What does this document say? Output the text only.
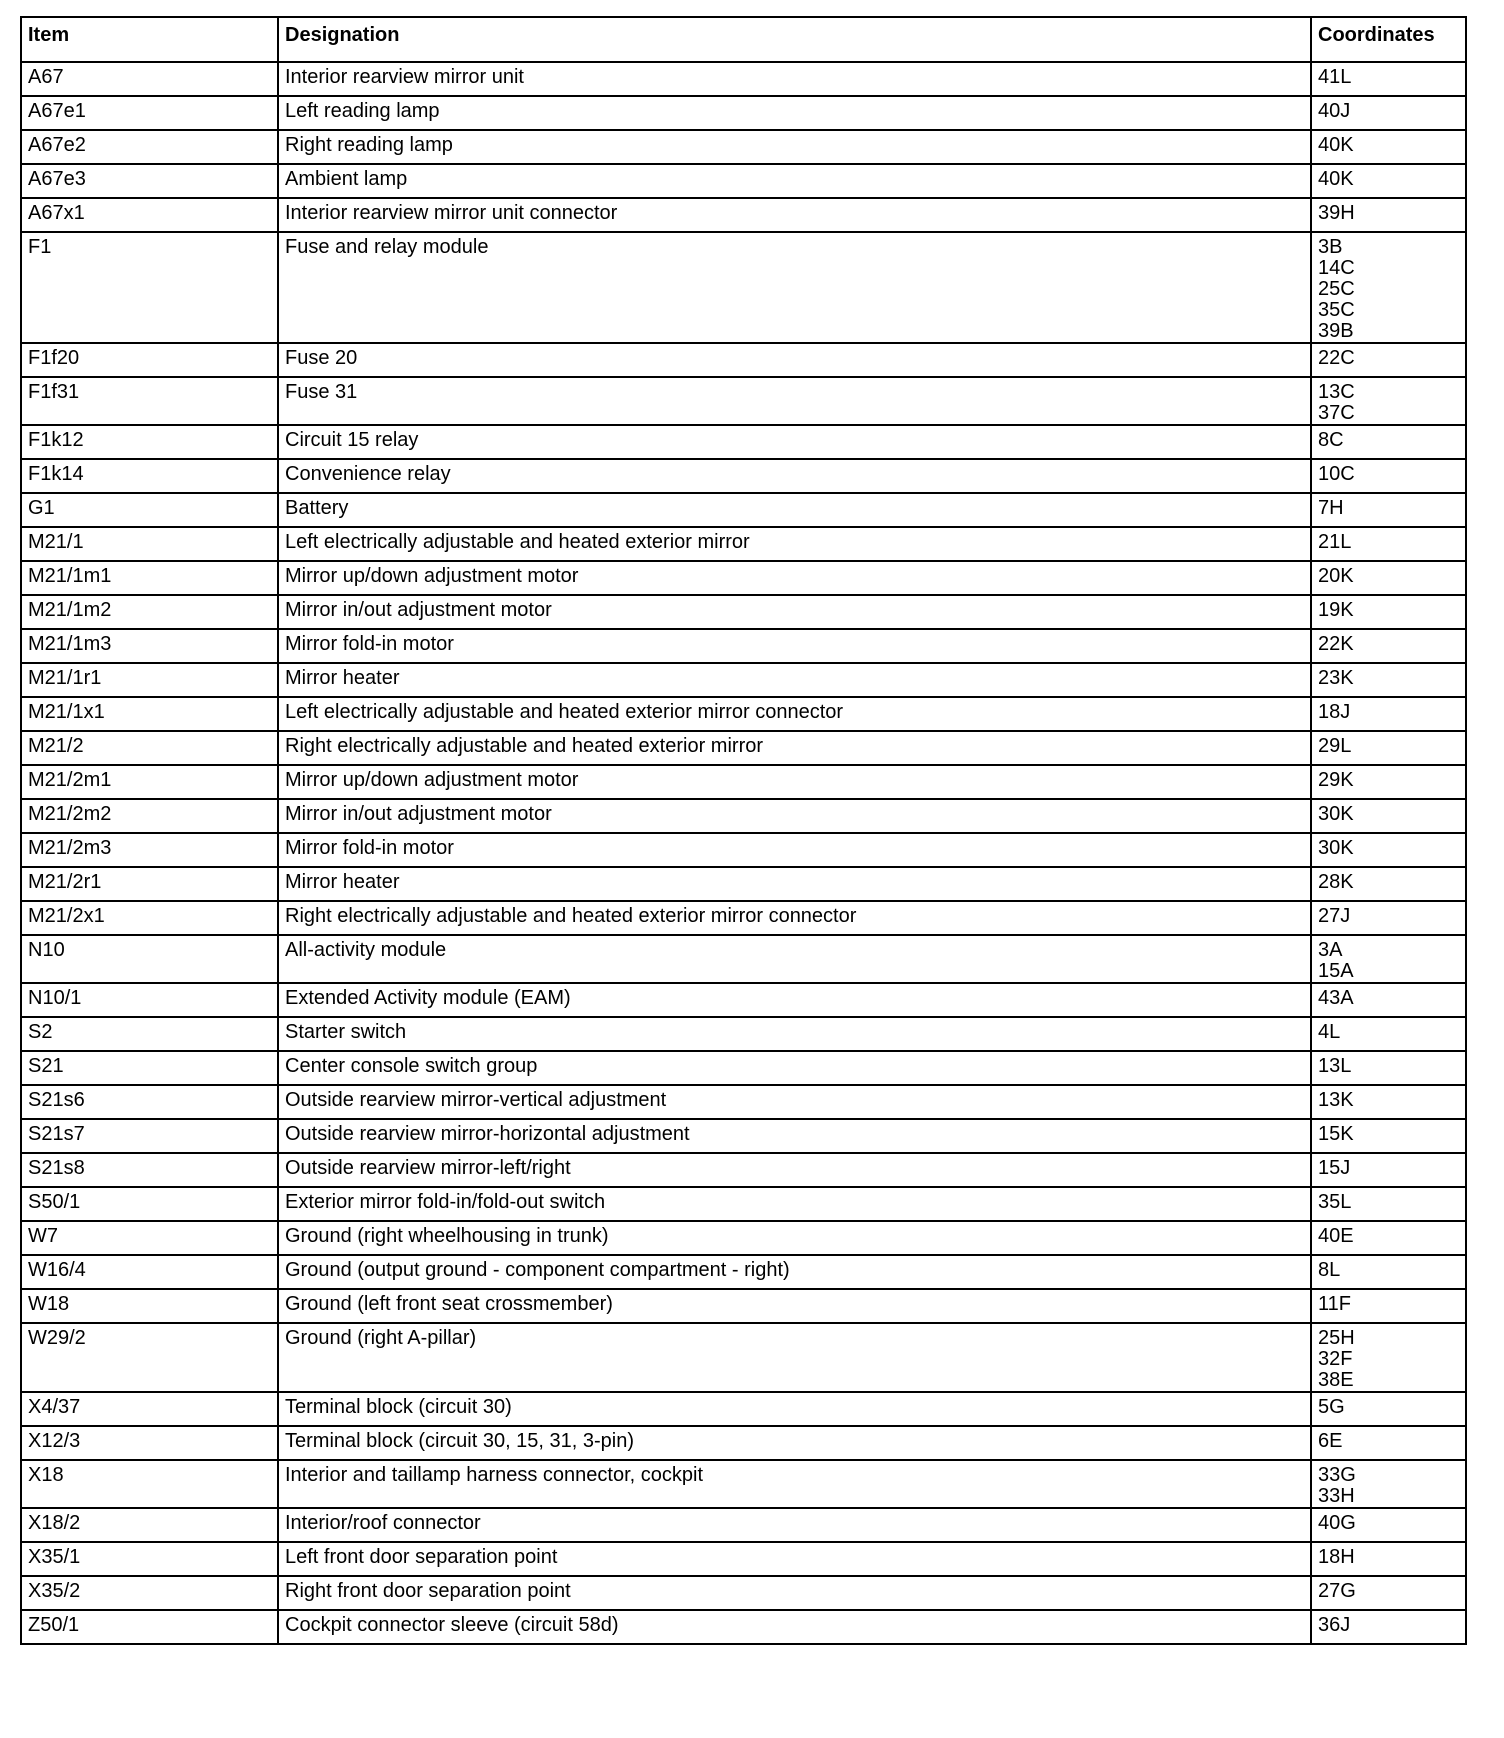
Item	Designation	Coordinates
A67	Interior rearview mirror unit	41L

A67e1	Left reading lamp	40J

A67e2	Right reading lamp	40K

A67e3	Ambient lamp	40K

A67x1	Interior rearview mirror unit connector	39H

F1	Fuse and relay module	3B
14C
25C
35C
39B

F1f20	Fuse 20	22C

F1f31	Fuse 31	13C
37C

F1k12	Circuit 15 relay	8C

F1k14	Convenience relay	10C

G1	Battery	7H

M21/1	Left electrically adjustable and heated exterior mirror	21L

M21/1m1	Mirror up/down adjustment motor	20K

M21/1m2	Mirror in/out adjustment motor	19K

M21/1m3	Mirror fold-in motor	22K

M21/1r1	Mirror heater	23K

M21/1x1	Left electrically adjustable and heated exterior mirror connector	18J

M21/2	Right electrically adjustable and heated exterior mirror	29L

M21/2m1	Mirror up/down adjustment motor	29K

M21/2m2	Mirror in/out adjustment motor	30K

M21/2m3	Mirror fold-in motor	30K

M21/2r1	Mirror heater	28K

M21/2x1	Right electrically adjustable and heated exterior mirror connector	27J

N10	All-activity module	3A
15A

N10/1	Extended Activity module (EAM)	43A

S2	Starter switch	4L

S21	Center console switch group	13L

S21s6	Outside rearview mirror-vertical adjustment	13K

S21s7	Outside rearview mirror-horizontal adjustment	15K

S21s8	Outside rearview mirror-left/right	15J

S50/1	Exterior mirror fold-in/fold-out switch	35L

W7	Ground (right wheelhousing in trunk)	40E

W16/4	Ground (output ground - component compartment - right)	8L

W18	Ground (left front seat crossmember)	11F

W29/2	Ground (right A-pillar)	25H
32F
38E

X4/37	Terminal block (circuit 30)	5G

X12/3	Terminal block (circuit 30, 15, 31, 3-pin)	6E

X18	Interior and taillamp harness connector, cockpit	33G
33H

X18/2	Interior/roof connector	40G

X35/1	Left front door separation point	18H

X35/2	Right front door separation point	27G

Z50/1	Cockpit connector sleeve (circuit 58d)	36J
